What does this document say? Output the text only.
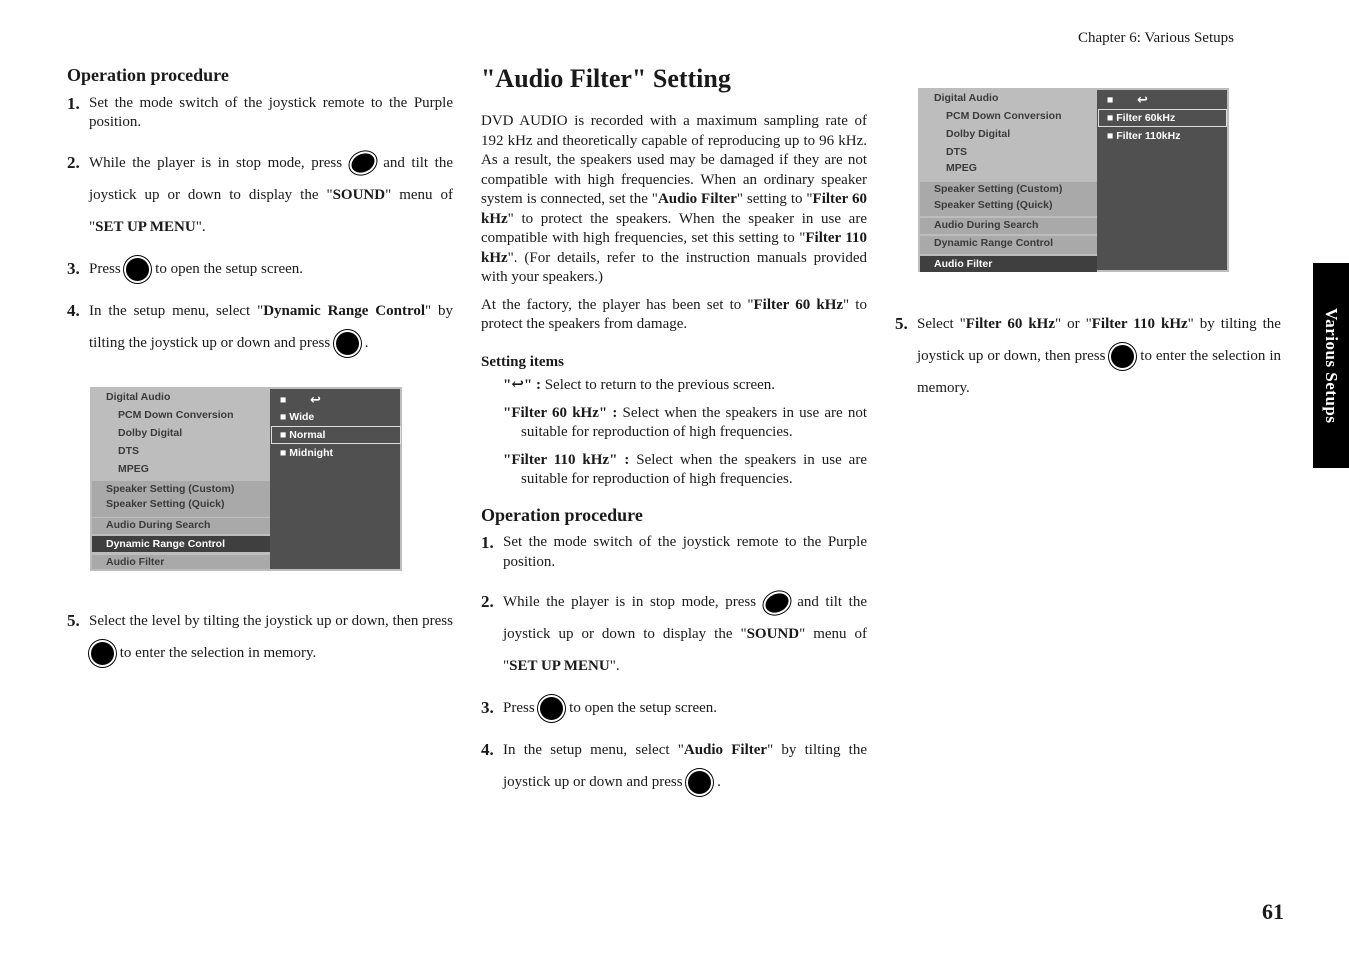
Chapter 6: Various Setups
Various Setups
61
Operation procedure
1. Set the mode switch of the joystick remote to the Purple position.
2. While the player is in stop mode, press	and tilt the joystick up or down to display the "SOUND" menu of "SET UP MENU".
3. Press to open the setup screen.
4. In the setup menu, select "Dynamic Range Control" by tilting the joystick up or down and press .
Digital Audio
PCM Down Conversion
Dolby Digital
DTS
MPEG
Speaker Setting (Custom)
Speaker Setting (Quick)
Audio During Search
Dynamic Range Control
Audio Filter
■ ↩
■ Wide
■ Normal
■ Midnight
5. Select the level by tilting the joystick up or down, then press  to enter the selection in memory.
"Audio Filter" Setting
DVD AUDIO is recorded with a maximum sampling rate of 192 kHz and theoretically capable of reproducing up to 96 kHz. As a result, the speakers used may be damaged if they are not compatible with high frequencies. When an ordinary speaker system is connected, set the "Audio Filter" setting to "Filter 60 kHz" to protect the speakers. When the speaker in use are compatible with high frequencies, set this setting to "Filter 110 kHz". (For details, refer to the instruction manuals provided with your speakers.)
At the factory, the player has been set to "Filter 60 kHz" to protect the speakers from damage.
Setting items
"↩" : Select to return to the previous screen.
"Filter 60 kHz" : Select when the speakers in use are not suitable for reproduction of high frequencies.
"Filter 110 kHz" : Select when the speakers in use are suitable for reproduction of high frequencies.
Operation procedure
1. Set the mode switch of the joystick remote to the Purple position.
2. While the player is in stop mode, press	and tilt the joystick up or down to display the "SOUND" menu of "SET UP MENU".
3. Press to open the setup screen.
4. In the setup menu, select "Audio Filter" by tilting the joystick up or down and press .
Digital Audio
PCM Down Conversion
Dolby Digital
DTS
MPEG
Speaker Setting (Custom)
Speaker Setting (Quick)
Audio During Search
Dynamic Range Control
Audio Filter
■ ↩
■ Filter 60kHz
■ Filter 110kHz
5. Select "Filter 60 kHz" or "Filter 110 kHz" by tilting the joystick up or down, then press to enter the selection in memory.
